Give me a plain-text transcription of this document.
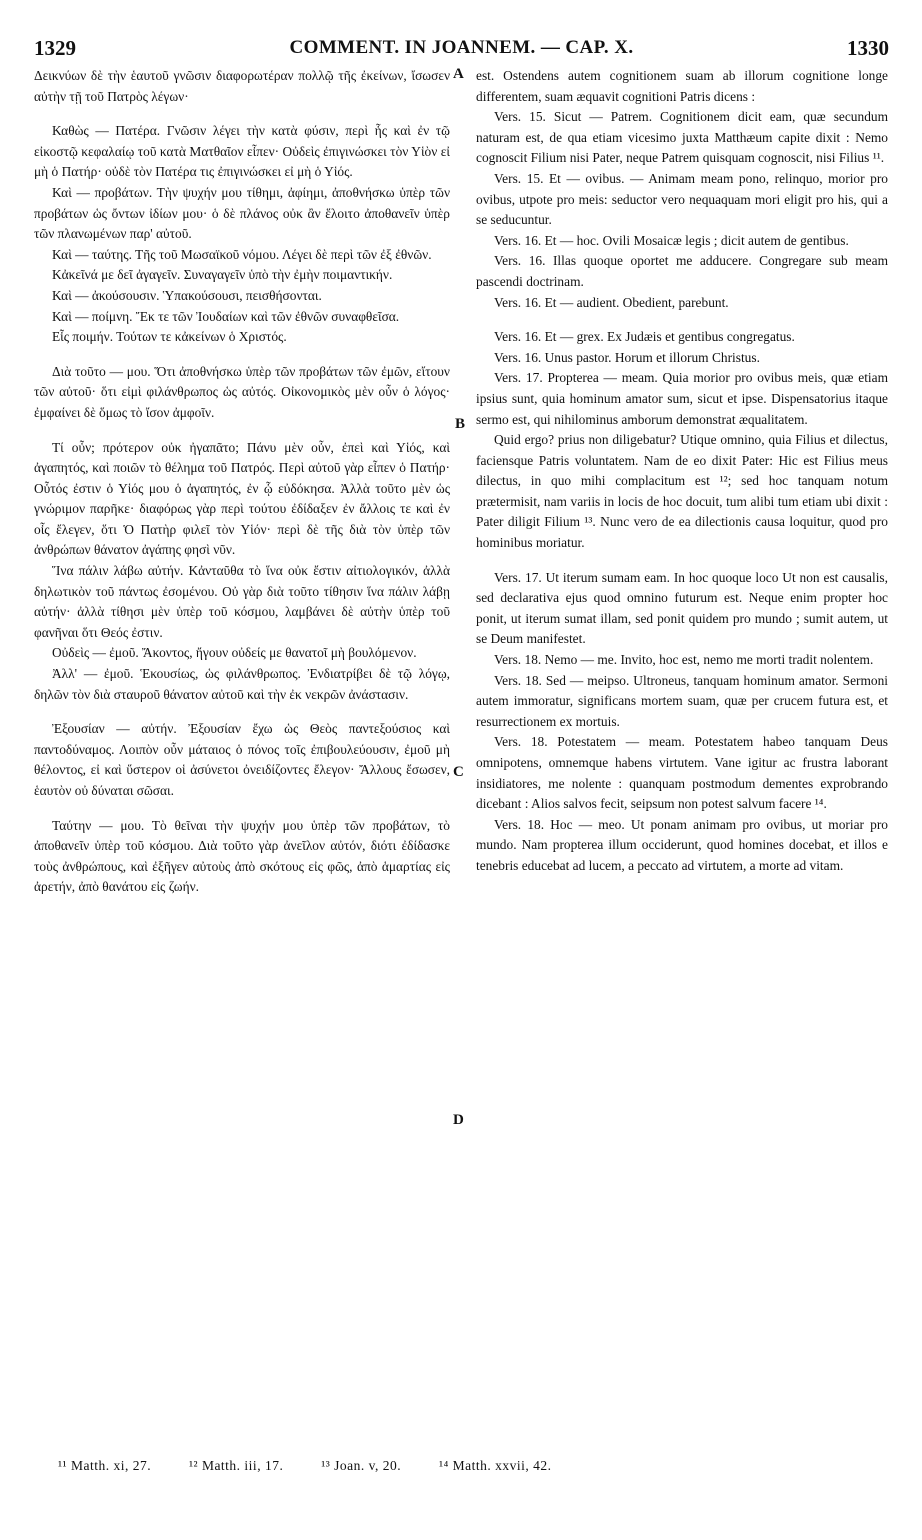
1329	COMMENT. IN JOANNEM. — CAP. X.	1330
A
B
C
D

Δεικνύων δὲ τὴν ἑαυτοῦ γνῶσιν διαφορωτέραν πολλῷ τῆς ἐκείνων, ἴσωσεν αὐτὴν τῇ τοῦ Πατρὸς λέγων·

Καθὼς — Πατέρα. Γνῶσιν λέγει τὴν κατὰ φύσιν, περὶ ἧς καὶ ἐν τῷ εἰκοστῷ κεφαλαίῳ τοῦ κατὰ Ματθαῖον εἶπεν· Οὐδεὶς ἐπιγινώσκει τὸν Υἱὸν εἰ μὴ ὁ Πατήρ· οὐδὲ τὸν Πατέρα τις ἐπιγινώσκει εἰ μὴ ὁ Υἱός.

Καὶ — προβάτων. Τὴν ψυχήν μου τίθημι, ἀφίημι, ἀποθνήσκω ὑπὲρ τῶν προβάτων ὡς ὄντων ἰδίων μου· ὁ δὲ πλάνος οὐκ ἂν ἕλοιτο ἀποθανεῖν ὑπὲρ τῶν πλανωμένων παρ' αὐτοῦ.

Καὶ — ταύτης. Τῆς τοῦ Μωσαϊκοῦ νόμου. Λέγει δὲ περὶ τῶν ἐξ ἐθνῶν.

Κἀκεῖνά με δεῖ ἀγαγεῖν. Συναγαγεῖν ὑπὸ τὴν ἐμὴν ποιμαντικήν.

Καὶ — ἀκούσουσιν. Ὑπακούσουσι, πεισθήσονται.

Καὶ — ποίμνη. Ἔκ τε τῶν Ἰουδαίων καὶ τῶν ἐθνῶν συναφθεῖσα.

Εἷς ποιμήν. Τούτων τε κἀκείνων ὁ Χριστός.

Διὰ τοῦτο — μου. Ὅτι ἀποθνήσκω ὑπὲρ τῶν προβάτων τῶν ἐμῶν, εἴτουν τῶν αὐτοῦ· ὅτι εἰμὶ φιλάνθρωπος ὡς αὐτός. Οἰκονομικὸς μὲν οὖν ὁ λόγος· ἐμφαίνει δὲ ὅμως τὸ ἴσον ἀμφοῖν.

Τί οὖν; πρότερον οὐκ ἠγαπᾶτο; Πάνυ μὲν οὖν, ἐπεὶ καὶ Υἱός, καὶ ἀγαπητός, καὶ ποιῶν τὸ θέλημα τοῦ Πατρός. Περὶ αὐτοῦ γὰρ εἶπεν ὁ Πατήρ· Οὗτός ἐστιν ὁ Υἱός μου ὁ ἀγαπητός, ἐν ᾧ εὐδόκησα. Ἀλλὰ τοῦτο μὲν ὡς γνώριμον παρῆκε· διαφόρως γὰρ περὶ τούτου ἐδίδαξεν ἐν ἄλλοις τε καὶ ἐν οἷς ἔλεγεν, ὅτι Ὁ Πατὴρ φιλεῖ τὸν Υἱόν· περὶ δὲ τῆς διὰ τὸν ὑπὲρ τῶν ἀνθρώπων θάνατον ἀγάπης φησὶ νῦν.

Ἵνα πάλιν λάβω αὐτήν. Κἀνταῦθα τὸ ἵνα οὐκ ἔστιν αἰτιολογικόν, ἀλλὰ δηλωτικὸν τοῦ πάντως ἐσομένου. Οὐ γὰρ διὰ τοῦτο τίθησιν ἵνα πάλιν λάβῃ αὐτήν· ἀλλὰ τίθησι μὲν ὑπὲρ τοῦ κόσμου, λαμβάνει δὲ αὐτὴν ὑπὲρ τοῦ φανῆναι ὅτι Θεός ἐστιν.

Οὐδεὶς — ἐμοῦ. Ἄκοντος, ἤγουν οὐδείς με θανατοῖ μὴ βουλόμενον.

Ἀλλ' — ἐμοῦ. Ἑκουσίως, ὡς φιλάνθρωπος. Ἐνδιατρίβει δὲ τῷ λόγῳ, δηλῶν τὸν διὰ σταυροῦ θάνατον αὐτοῦ καὶ τὴν ἐκ νεκρῶν ἀνάστασιν.

Ἐξουσίαν — αὐτήν. Ἐξουσίαν ἔχω ὡς Θεὸς παντεξούσιος καὶ παντοδύναμος. Λοιπὸν οὖν μάταιος ὁ πόνος τοῖς ἐπιβουλεύουσιν, ἐμοῦ μὴ θέλοντος, εἰ καὶ ὕστερον οἱ ἀσύνετοι ὀνειδίζοντες ἔλεγον· Ἄλλους ἔσωσεν, ἑαυτὸν οὐ δύναται σῶσαι.

Ταύτην — μου. Τὸ θεῖναι τὴν ψυχήν μου ὑπὲρ τῶν προβάτων, τὸ ἀποθανεῖν ὑπὲρ τοῦ κόσμου. Διὰ τοῦτο γὰρ ἀνεῖλον αὐτόν, διότι ἐδίδασκε τοὺς ἀνθρώπους, καὶ ἐξῆγεν αὐτοὺς ἀπὸ σκότους εἰς φῶς, ἀπὸ ἁμαρτίας εἰς ἀρετήν, ἀπὸ θανάτου εἰς ζωήν.

est. Ostendens autem cognitionem suam ab illorum cognitione longe differentem, suam æquavit cognitioni Patris dicens :

Vers. 15. Sicut — Patrem. Cognitionem dicit eam, quæ secundum naturam est, de qua etiam vicesimo juxta Matthæum capite dixit : Nemo cognoscit Filium nisi Pater, neque Patrem quisquam cognoscit, nisi Filius ¹¹.

Vers. 15. Et — ovibus. — Animam meam pono, relinquo, morior pro ovibus, utpote pro meis: seductor vero nequaquam mori eligit pro his, qui a se seducuntur.

Vers. 16. Et — hoc. Ovili Mosaicæ legis ; dicit autem de gentibus.

Vers. 16. Illas quoque oportet me adducere. Congregare sub meam pascendi doctrinam.

Vers. 16. Et — audient. Obedient, parebunt.

Vers. 16. Et — grex. Ex Judæis et gentibus congregatus.

Vers. 16. Unus pastor. Horum et illorum Christus.

Vers. 17. Propterea — meam. Quia morior pro ovibus meis, quæ etiam ipsius sunt, quia hominum amator sum, sicut et ipse. Dispensatorius itaque sermo est, qui nihilominus amborum demonstrat æqualitatem.

Quid ergo? prius non diligebatur? Utique omnino, quia Filius et dilectus, faciensque Patris voluntatem. Nam de eo dixit Pater: Hic est Filius meus dilectus, in quo mihi complacitum est ¹²; sed hoc tanquam notum prætermisit, nam variis in locis de hoc docuit, tum alibi tum etiam ubi dixit : Pater diligit Filium ¹³. Nunc vero de ea dilectionis causa loquitur, quod pro hominibus moriatur.

Vers. 17. Ut iterum sumam eam. In hoc quoque loco Ut non est causalis, sed declarativa ejus quod omnino futurum est. Neque enim propter hoc ponit, ut iterum sumat illam, sed ponit quidem pro mundo ; sumit autem, ut se Deum manifestet.

Vers. 18. Nemo — me. Invito, hoc est, nemo me morti tradit nolentem.

Vers. 18. Sed — meipso. Ultroneus, tanquam hominum amator. Sermoni autem immoratur, significans mortem suam, quæ per crucem futura est, et resurrectionem ex mortuis.

Vers. 18. Potestatem — meam. Potestatem habeo tanquam Deus omnipotens, omnemque habens virtutem. Vane igitur ac frustra laborant insidiatores, me nolente : quanquam postmodum dementes exprobrando dicebant : Alios salvos fecit, seipsum non potest salvum facere ¹⁴.

Vers. 18. Hoc — meo. Ut ponam animam pro ovibus, ut moriar pro mundo. Nam propterea illum occiderunt, quod homines docebat, et illos e tenebris educebat ad lucem, a peccato ad virtutem, a morte ad vitam.

¹¹ Matth. xi, 27.	¹² Matth. iii, 17.	¹³ Joan. v, 20.	¹⁴ Matth. xxvii, 42.
